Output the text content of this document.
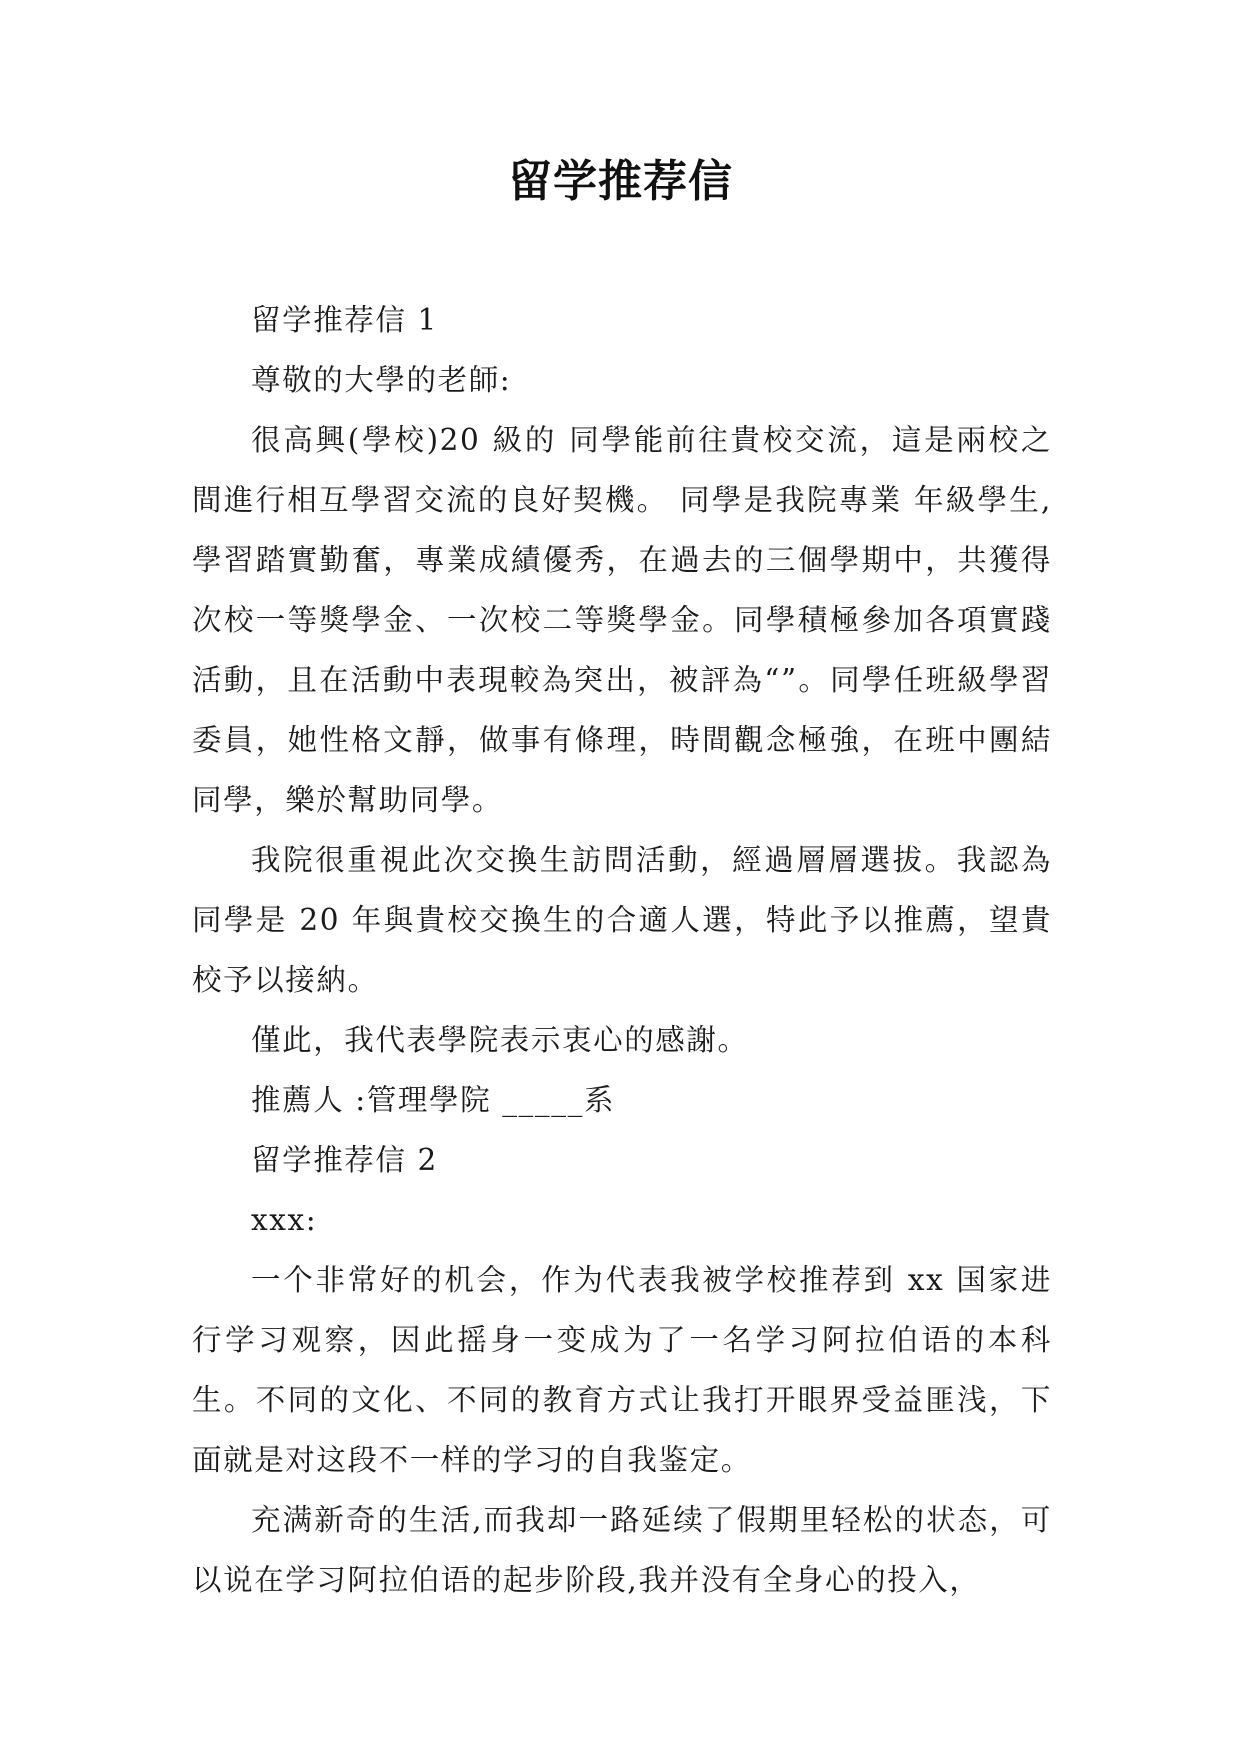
留学推荐信

留学推荐信 1

尊敬的大學的老師:

很高興(學校)20 級的 同學能前往貴校交流，這是兩校之間進行相互學習交流的良好契機。 同學是我院專業 年級學生,學習踏實勤奮，專業成績優秀，在過去的三個學期中，共獲得次校一等獎學金、一次校二等獎學金。同學積極參加各項實踐活動，且在活動中表現較為突出，被評為“”。同學任班級學習委員，她性格文靜，做事有條理，時間觀念極強，在班中團結同學，樂於幫助同學。

我院很重視此次交換生訪問活動，經過層層選拔。我認為同學是 20 年與貴校交換生的合適人選，特此予以推薦，望貴校予以接納。

僅此，我代表學院表示衷心的感謝。

推薦人 :管理學院 _____系

留学推荐信 2

xxx:

一个非常好的机会，作为代表我被学校推荐到 xx 国家进行学习观察，因此摇身一变成为了一名学习阿拉伯语的本科生。不同的文化、不同的教育方式让我打开眼界受益匪浅，下面就是对这段不一样的学习的自我鉴定。

充满新奇的生活,而我却一路延续了假期里轻松的状态，可以说在学习阿拉伯语的起步阶段,我并没有全身心的投入，
